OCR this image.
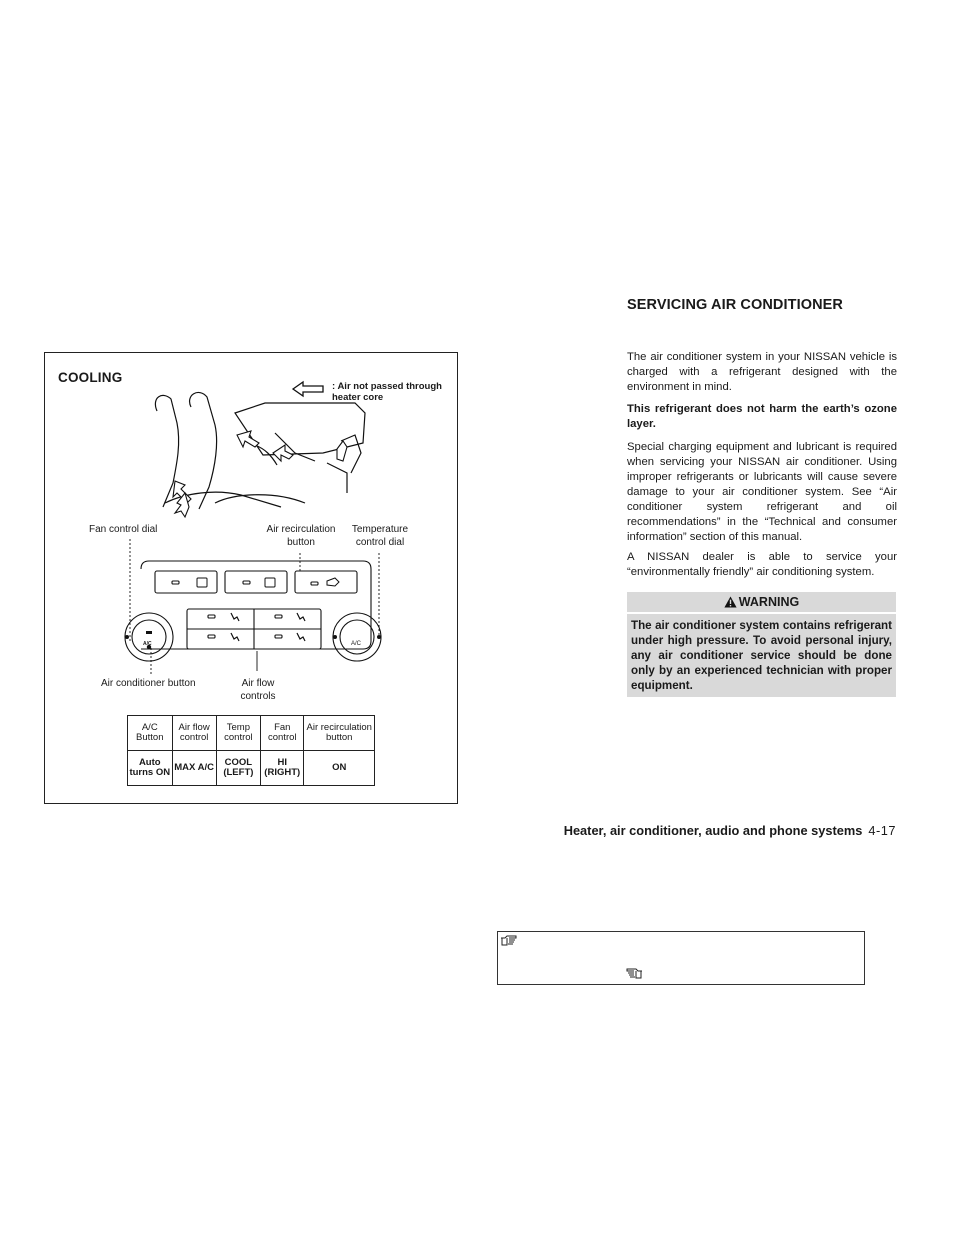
COOLING
: Air not passed through heater core
Fan control dial	Air recirculation button
Temperature control dial
Air conditioner button	Air flow controls
A/C	A/C
A/C Button	Air flow control	Temp control	Fan control	Air recirculation button
Auto turns ON	MAX A/C	COOL (LEFT)	HI (RIGHT)	ON
SERVICING AIR CONDITIONER
The air conditioner system in your NISSAN vehicle is charged with a refrigerant designed with the environment in mind.
This refrigerant does not harm the earth’s ozone layer.
Special charging equipment and lubricant is required when servicing your NISSAN air conditioner. Using improper refrigerants or lubricants will cause severe damage to your air conditioner system. See “Air conditioner system refrigerant and oil recommendations” in the “Technical and consumer information” section of this manual.
A NISSAN dealer is able to service your “environmentally friendly” air conditioning system.
WARNING
The air conditioner system contains refrigerant under high pressure. To avoid personal injury, any air conditioner service should be done only by an experienced technician with proper equipment.
Heater, air conditioner, audio and phone systems 4-17
